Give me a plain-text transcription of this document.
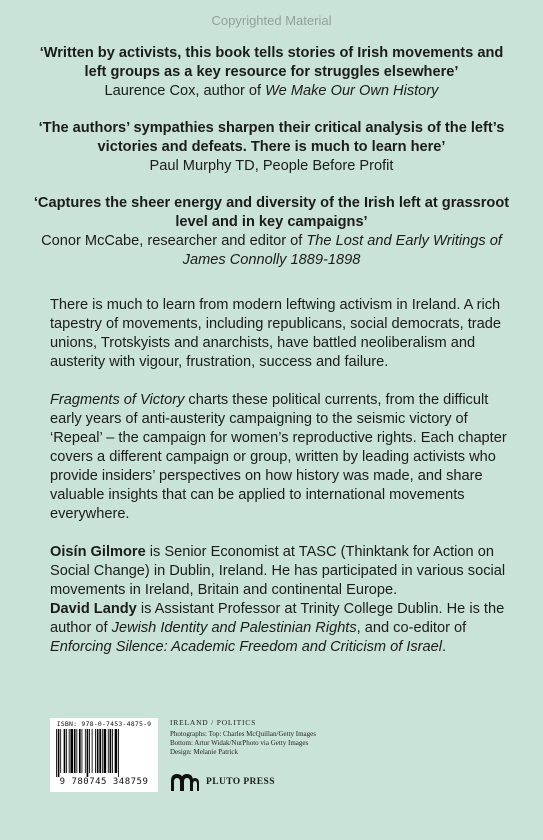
Copyrighted Material
‘Written by activists, this book tells stories of Irish movements and left groups as a key resource for struggles elsewhere’
Laurence Cox, author of We Make Our Own History
‘The authors’ sympathies sharpen their critical analysis of the left’s victories and defeats. There is much to learn here’
Paul Murphy TD, People Before Profit
‘Captures the sheer energy and diversity of the Irish left at grassroot level and in key campaigns’
Conor McCabe, researcher and editor of The Lost and Early Writings of James Connolly 1889-1898

There is much to learn from modern leftwing activism in Ireland. A rich tapestry of movements, including republicans, social democrats, trade unions, Trotskyists and anarchists, have battled neoliberalism and austerity with vigour, frustration, success and failure.

Fragments of Victory charts these political currents, from the difficult early years of anti-austerity campaigning to the seismic victory of ‘Repeal’ – the campaign for women’s reproductive rights. Each chapter covers a different campaign or group, written by leading activists who provide insiders’ perspectives on how history was made, and share valuable insights that can be applied to international movements everywhere.

Oisín Gilmore is Senior Economist at TASC (Thinktank for Action on Social Change) in Dublin, Ireland. He has participated in various social movements in Ireland, Britain and continental Europe.
David Landy is Assistant Professor at Trinity College Dublin. He is the author of Jewish Identity and Palestinian Rights, and co-editor of Enforcing Silence: Academic Freedom and Criticism of Israel.

ISBN: 978-0-7453-4875-9
9 780745 348759
IRELAND / POLITICS
Photographs: Top: Charles McQuillan/Getty Images
Bottom: Artur Widak/NurPhoto via Getty Images
Design: Melanie Patrick
PLUTO PRESS
